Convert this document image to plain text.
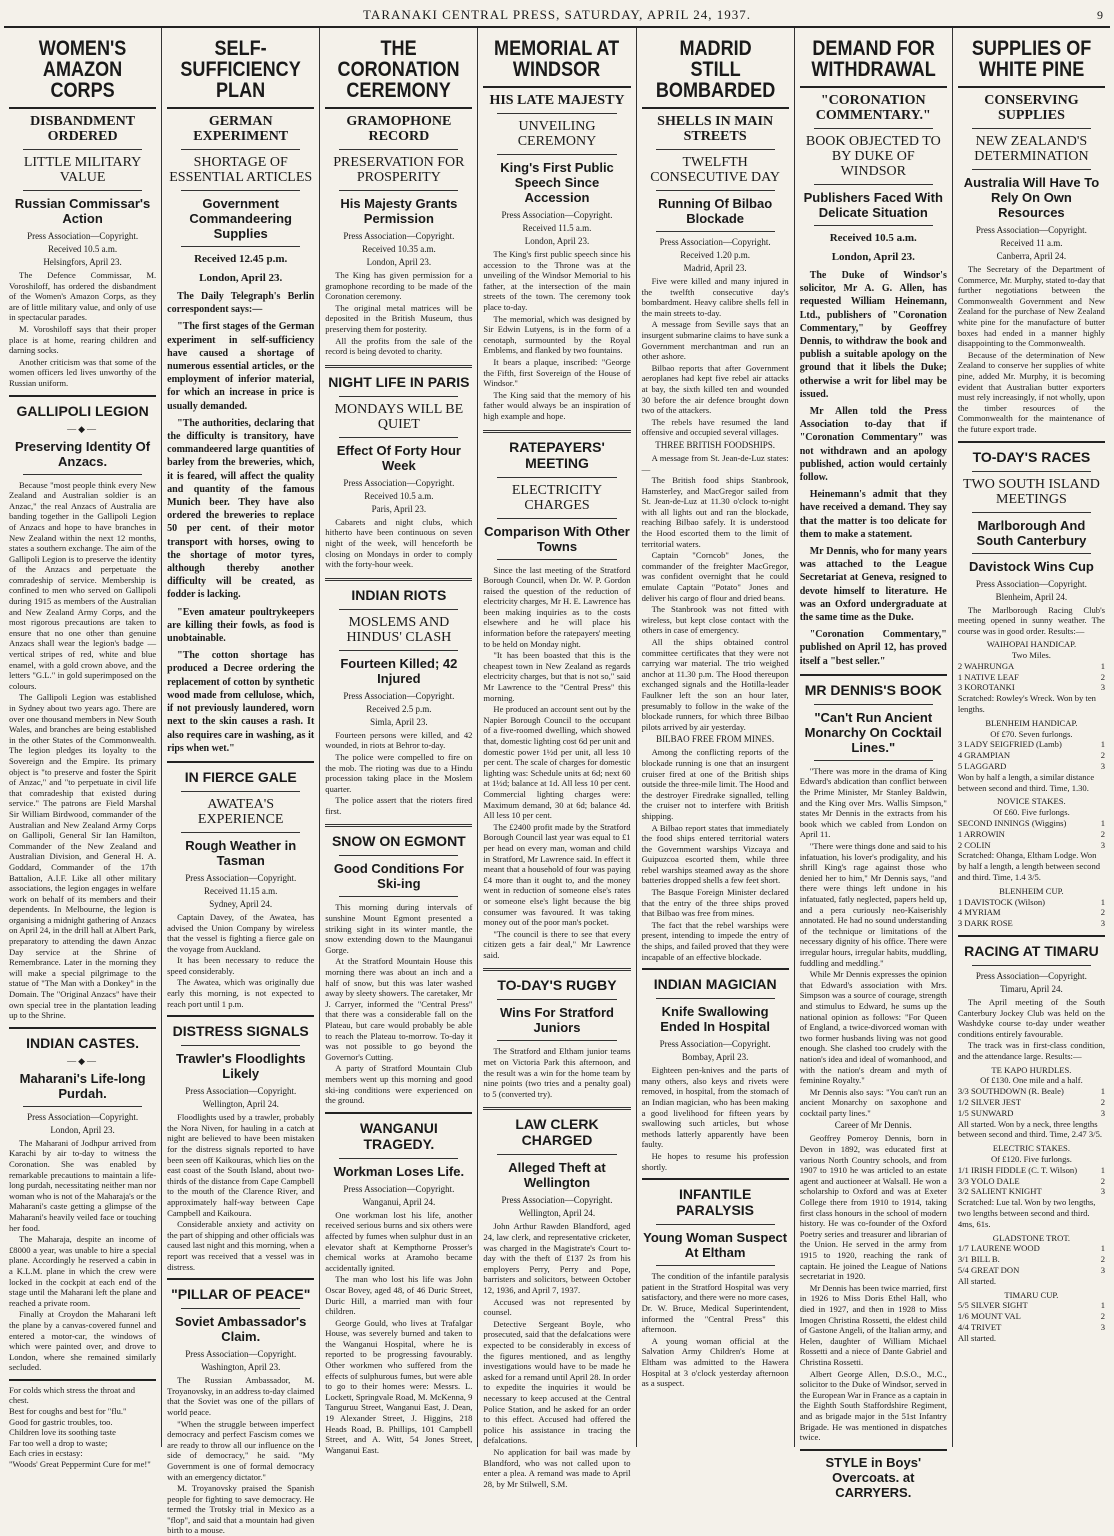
TARANAKI CENTRAL PRESS, SATURDAY, APRIL 24, 1937.	9
WOMEN'S AMAZON CORPS
DISBANDMENT ORDERED
LITTLE MILITARY VALUE
Russian Commissar's Action
Press Association—Copyright.
Received 10.5 a.m.
Helsingfors, April 23.

The Defence Commissar, M. Voroshiloff, has ordered the disbandment of the Women's Amazon Corps, as they are of little military value, and only of use in spectacular parades.

M. Voroshiloff says that their proper place is at home, rearing children and darning socks.

Another criticism was that some of the women officers led lives unworthy of the Russian uniform.

GALLIPOLI LEGION
—◆—
Preserving Identity Of Anzacs.

Because "most people think every New Zealand and Australian soldier is an Anzac," the real Anzacs of Australia are banding together in the Gallipoli Legion of Anzacs and hope to have branches in New Zealand within the next 12 months, states a southern exchange. The aim of the Gallipoli Legion is to preserve the identity of the Anzacs and perpetuate the comradeship of service. Membership is confined to men who served on Gallipoli during 1915 as members of the Australian and New Zealand Army Corps, and the most rigorous precautions are taken to ensure that no one other than genuine Anzacs shall wear the legion's badge —vertical stripes of red, white and blue enamel, with a gold crown above, and the letters "G.L." in gold superimposed on the colours.

The Gallipoli Legion was established in Sydney about two years ago. There are over one thousand members in New South Wales, and branches are being established in the other States of the Commonwealth. The legion pledges its loyalty to the Sovereign and the Empire. Its primary object is "to preserve and foster the Spirit of Anzac," and "to perpetuate in civil life that comradeship that existed during service." The patrons are Field Marshal Sir William Birdwood, commander of the Australian and New Zealand Army Corps on Gallipoli, General Sir Ian Hamilton, Commander of the New Zealand and Australian Division, and General H. A. Goddard, Commander of the 17th Battalion, A.I.F. Like all other military associations, the legion engages in welfare work on behalf of its members and their dependents. In Melbourne, the legion is organising a midnight gathering of Anzacs on April 24, in the drill hall at Albert Park, preparatory to attending the dawn Anzac Day service at the Shrine of Remembrance. Later in the morning they will make a special pilgrimage to the statue of "The Man with a Donkey" in the Domain. The "Original Anzacs" have their own special tree in the plantation leading up to the Shrine.

INDIAN CASTES.
—◆—
Maharani's Life-long Purdah.
Press Association—Copyright.
London, April 23.

The Maharani of Jodhpur arrived from Karachi by air to-day to witness the Coronation. She was enabled by remarkable precautions to maintain a life-long purdah, necessitating neither man nor woman who is not of the Maharaja's or the Maharani's caste getting a glimpse of the Maharani's heavily veiled face or touching her food.

The Maharaja, despite an income of £8000 a year, was unable to hire a special plane. Accordingly he reserved a cabin in a K.L.M. plane in which the crew were locked in the cockpit at each end of the stage until the Maharani left the plane and reached a private room.

Finally at Croydon the Maharani left the plane by a canvas-covered funnel and entered a motor-car, the windows of which were painted over, and drove to London, where she remained similarly secluded.

For colds which stress the throat and chest.
Best for coughs and best for "flu."
Good for gastric troubles, too.
Children love its soothing taste
Far too well a drop to waste;
Each cries in ecstasy:
"Woods' Great Peppermint Cure for me!"
SELF-SUFFICIENCY PLAN
GERMAN EXPERIMENT
SHORTAGE OF ESSENTIAL ARTICLES
Government Commandeering Supplies
Received 12.45 p.m.
London, April 23.

The Daily Telegraph's Berlin correspondent says:—

"The first stages of the German experiment in self-sufficiency have caused a shortage of numerous essential articles, or the employment of inferior material, for which an increase in price is usually demanded.

"The authorities, declaring that the difficulty is transitory, have commandeered large quantities of barley from the breweries, which, it is feared, will affect the quality and quantity of the famous Munich beer. They have also ordered the breweries to replace 50 per cent. of their motor transport with horses, owing to the shortage of motor tyres, although thereby another difficulty will be created, as fodder is lacking.

"Even amateur poultrykeepers are killing their fowls, as food is unobtainable.

"The cotton shortage has produced a Decree ordering the replacement of cotton by synthetic wood made from cellulose, which, if not previously laundered, worn next to the skin causes a rash. It also requires care in washing, as it rips when wet."

IN FIERCE GALE
AWATEA'S EXPERIENCE
Rough Weather in Tasman
Press Association—Copyright.
Received 11.15 a.m.
Sydney, April 24.

Captain Davey, of the Awatea, has advised the Union Company by wireless that the vessel is fighting a fierce gale on the voyage from Auckland.

It has been necessary to reduce the speed considerably.

The Awatea, which was originally due early this morning, is not expected to reach port until 1 p.m.

DISTRESS SIGNALS
Trawler's Floodlights Likely
Press Association—Copyright.
Wellington, April 24.

Floodlights used by a trawler, probably the Nora Niven, for hauling in a catch at night are believed to have been mistaken for the distress signals reported to have been seen off Kaikouras, which lies on the east coast of the South Island, about two-thirds of the distance from Cape Campbell to the mouth of the Clarence River, and approximately half-way between Cape Campbell and Kaikoura.

Considerable anxiety and activity on the part of shipping and other officials was caused last night and this morning, when a report was received that a vessel was in distress.

"PILLAR OF PEACE"
Soviet Ambassador's Claim.
Press Association—Copyright.
Washington, April 23.

The Russian Ambassador, M. Troyanovsky, in an address to-day claimed that the Soviet was one of the pillars of world peace.

"When the struggle between imperfect democracy and perfect Fascism comes we are ready to throw all our influence on the side of democracy," he said. "My Government is one of formal democracy with an emergency dictator."

M. Troyanovsky praised the Spanish people for fighting to save democracy. He termed the Trotsky trial in Mexico as a "flop", and said that a mountain had given birth to a mouse.

THE CORONATION CEREMONY
GRAMOPHONE RECORD
PRESERVATION FOR PROSPERITY
His Majesty Grants Permission
Press Association—Copyright.
Received 10.35 a.m.
London, April 23.

The King has given permission for a gramophone recording to be made of the Coronation ceremony.

The original metal matrices will be deposited in the British Museum, thus preserving them for posterity.

All the profits from the sale of the record is being devoted to charity.

NIGHT LIFE IN PARIS
MONDAYS WILL BE QUIET
Effect Of Forty Hour Week
Press Association—Copyright.
Received 10.5 a.m.
Paris, April 23.

Cabarets and night clubs, which hitherto have been continuous on seven night of the week, will henceforth be closing on Mondays in order to comply with the forty-hour week.

INDIAN RIOTS
MOSLEMS AND HINDUS' CLASH
Fourteen Killed; 42 Injured
Press Association—Copyright.
Received 2.5 p.m.
Simla, April 23.

Fourteen persons were killed, and 42 wounded, in riots at Behror to-day.

The police were compelled to fire on the mob. The rioting was due to a Hindu procession taking place in the Moslem quarter.

The police assert that the rioters fired first.

SNOW ON EGMONT
Good Conditions For Ski-ing

This morning during intervals of sunshine Mount Egmont presented a striking sight in its winter mantle, the snow extending down to the Maunganui Gorge.

At the Stratford Mountain House this morning there was about an inch and a half of snow, but this was later washed away by sleety showers. The caretaker, Mr J. Carryer, informed the "Central Press" that there was a considerable fall on the Plateau, but care would probably be able to reach the Plateau to-morrow. To-day it was not possible to go beyond the Governor's Cutting.

A party of Stratford Mountain Club members went up this morning and good ski-ing conditions were experienced on the ground.

WANGANUI TRAGEDY.
Workman Loses Life.
Press Association—Copyright.
Wanganui, April 24.

One workman lost his life, another received serious burns and six others were affected by fumes when sulphur dust in an elevator shaft at Kempthorne Prosser's chemical works at Aramoho became accidentally ignited.

The man who lost his life was John Oscar Bovey, aged 48, of 46 Duric Street, Duric Hill, a married man with four children.

George Gould, who lives at Trafalgar House, was severely burned and taken to the Wanganui Hospital, where he is reported to be progressing favourably. Other workmen who suffered from the effects of sulphurous fumes, but were able to go to their homes were: Messrs. L. Lockett, Springvale Road, M. McKenna, 9 Tanguruu Street, Wanganui East, J. Dean, 19 Alexander Street, J. Higgins, 218 Heads Road, B. Phillips, 101 Campbell Street, and A. Witt, 54 Jones Street, Wanganui East.

MEMORIAL AT WINDSOR
HIS LATE MAJESTY
UNVEILING CEREMONY
King's First Public Speech Since Accession
Press Association—Copyright.
Received 11.5 a.m.
London, April 23.

The King's first public speech since his accession to the Throne was at the unveiling of the Windsor Memorial to his father, at the intersection of the main streets of the town. The ceremony took place to-day.

The memorial, which was designed by Sir Edwin Lutyens, is in the form of a cenotaph, surmounted by the Royal Emblems, and flanked by two fountains.

It bears a plaque, inscribed: "George the Fifth, first Sovereign of the House of Windsor."

The King said that the memory of his father would always be an inspiration of high example and hope.

RATEPAYERS' MEETING
ELECTRICITY CHARGES
Comparison With Other Towns

Since the last meeting of the Stratford Borough Council, when Dr. W. P. Gordon raised the question of the reduction of electricity charges, Mr H. E. Lawrence has been making inquiries as to the costs elsewhere and he will place his information before the ratepayers' meeting to be held on Monday night.

"It has been boasted that this is the cheapest town in New Zealand as regards electricity charges, but that is not so," said Mr Lawrence to the "Central Press" this morning.

He produced an account sent out by the Napier Borough Council to the occupant of a five-roomed dwelling, which showed that, domestic lighting cost 6d per unit and domestic power 1½d per unit, all less 10 per cent. The scale of charges for domestic lighting was: Schedule units at 6d; next 60 at 1½d; balance at 1d. All less 10 per cent. Commercial lighting charges were: Maximum demand, 30 at 6d; balance 4d. All less 10 per cent.

The £2400 profit made by the Stratford Borough Council last year was equal to £1 per head on every man, woman and child in Stratford, Mr Lawrence said. In effect it meant that a household of four was paying £4 more than it ought to, and the money went in reduction of someone else's rates or someone else's light because the big consumer was favoured. It was taking money out of the poor man's pocket.

"The council is there to see that every citizen gets a fair deal," Mr Lawrence said.

TO-DAY'S RUGBY
Wins For Stratford Juniors

The Stratford and Eltham junior teams met on Victoria Park this afternoon, and the result was a win for the home team by nine points (two tries and a penalty goal) to 5 (converted try).

LAW CLERK CHARGED
Alleged Theft at Wellington
Press Association—Copyright.
Wellington, April 24.

John Arthur Rawden Blandford, aged 24, law clerk, and representative cricketer, was charged in the Magistrate's Court to-day with the theft of £137 2s from his employers Perry, Perry and Pope, barristers and solicitors, between October 12, 1936, and April 7, 1937.

Accused was not represented by counsel.

Detective Sergeant Boyle, who prosecuted, said that the defalcations were expected to be considerably in excess of the figures mentioned, and as lengthy investigations would have to be made he asked for a remand until April 28. In order to expedite the inquiries it would be necessary to keep accused at the Central Police Station, and he asked for an order to this effect. Accused had offered the police his assistance in tracing the defalcations.

No application for bail was made by Blandford, who was not called upon to enter a plea. A remand was made to April 28, by Mr Stilwell, S.M.

MADRID STILL BOMBARDED
SHELLS IN MAIN STREETS
TWELFTH CONSECUTIVE DAY
Running Of Bilbao Blockade
Press Association—Copyright.
Received 1.20 p.m.
Madrid, April 23.

Five were killed and many injured in the twelfth consecutive day's bombardment. Heavy calibre shells fell in the main streets to-day.

A message from Seville says that an insurgent submarine claims to have sunk a Government merchantman and run an other ashore.

Bilbao reports that after Government aeroplanes had kept five rebel air attacks at bay, the sixth killed ten and wounded 30 before the air defence brought down two of the attackers.

The rebels have resumed the land offensive and occupied several villages.

THREE BRITISH FOODSHIPS.

A message from St. Jean-de-Luz states:—

The British food ships Stanbrook, Hamsterley, and MacGregor sailed from St. Jean-de-Luz at 11.30 o'clock to-night with all lights out and ran the blockade, reaching Bilbao safely. It is understood the Hood escorted them to the limit of territorial waters.

Captain "Corncob" Jones, the commander of the freighter MacGregor, was confident overnight that he could emulate Captain "Potato" Jones and deliver his cargo of flour and dried beans.

The Stanbrook was not fitted with wireless, but kept close contact with the others in case of emergency.

All the ships obtained control committee certificates that they were not carrying war material. The trio weighed anchor at 11.30 p.m. The Hood thereupon exchanged signals and the Hotilla-leader Faulkner left the son an hour later, presumably to follow in the wake of the blockade runners, for which three Bilbao pilots arrived by air yesterday.

BILBAO FREE FROM MINES.

Among the conflicting reports of the blockade running is one that an insurgent cruiser fired at one of the British ships outside the three-mile limit. The Hood and the destroyer Firedrake signalled, telling the cruiser not to interfere with British shipping.

A Bilbao report states that immediately the food ships entered territorial waters the Government warships Vizcaya and Guipuzcoa escorted them, while three rebel warships steamed away as the shore batteries dropped shells a few feet short.

The Basque Foreign Minister declared that the entry of the three ships proved that Bilbao was free from mines.

The fact that the rebel warships were present, intending to impede the entry of the ships, and failed proved that they were incapable of an effective blockade.

INDIAN MAGICIAN
Knife Swallowing Ended In Hospital
Press Association—Copyright.
Bombay, April 23.

Eighteen pen-knives and the parts of many others, also keys and rivets were removed, in hospital, from the stomach of an Indian magician, who has been making a good livelihood for fifteen years by swallowing such articles, but whose methods latterly apparently have been faulty.

He hopes to resume his profession shortly.

INFANTILE PARALYSIS
Young Woman Suspect At Eltham

The condition of the infantile paralysis patient in the Stratford Hospital was very satisfactory, and there were no more cases, Dr. W. Bruce, Medical Superintendent, informed the "Central Press" this afternoon.

A young woman official at the Salvation Army Children's Home at Eltham was admitted to the Hawera Hospital at 3 o'clock yesterday afternoon as a suspect.

DEMAND FOR WITHDRAWAL
"CORONATION COMMENTARY."
BOOK OBJECTED TO BY DUKE OF WINDSOR
Publishers Faced With Delicate Situation
Received 10.5 a.m.
London, April 23.

The Duke of Windsor's solicitor, Mr A. G. Allen, has requested William Heinemann, Ltd., publishers of "Coronation Commentary," by Geoffrey Dennis, to withdraw the book and publish a suitable apology on the ground that it libels the Duke; otherwise a writ for libel may be issued.

Mr Allen told the Press Association to-day that if "Coronation Commentary" was not withdrawn and an apology published, action would certainly follow.

Heinemann's admit that they have received a demand. They say that the matter is too delicate for them to make a statement.

Mr Dennis, who for many years was attached to the League Secretariat at Geneva, resigned to devote himself to literature. He was an Oxford undergraduate at the same time as the Duke.

"Coronation Commentary," published on April 12, has proved itself a "best seller."

MR DENNIS'S BOOK
"Can't Run Ancient Monarchy On Cocktail Lines."

"There was more in the drama of King Edward's abdication than conflict between the Prime Minister, Mr Stanley Baldwin, and the King over Mrs. Wallis Simpson," states Mr Dennis in the extracts from his book which we cabled from London on April 11.

"There were things done and said to his infatuation, his lover's prodigality, and his shrill King's rage against those who denied her to him," Mr Dennis says, "and there were things left undone in his infatuated, fatly neglected, papers held up, and a pera curiously neo-Kaiserishly annotated. He had no sound understanding of the technique or limitations of the necessary dignity of his office. There were irregular hours, irregular habits, muddling, fuddling and meddling."

While Mr Dennis expresses the opinion that Edward's association with Mrs. Simpson was a source of courage, strength and stimulus to Edward, he sums up the national opinion as follows: "For Queen of England, a twice-divorced woman with two former husbands living was not good enough. She clashed too crudely with the nation's idea and ideal of womanhood, and with the nation's dream and myth of feminine Royalty."

Mr Dennis also says: "You can't run an ancient Monarchy on saxophone and cocktail party lines."

Career of Mr Dennis.

Geoffrey Pomeroy Dennis, born in Devon in 1892, was educated first at various North Country schools, and from 1907 to 1910 he was articled to an estate agent and auctioneer at Walsall. He won a scholarship to Oxford and was at Exeter College there from 1910 to 1914, taking first class honours in the school of modern history. He was co-founder of the Oxford Poetry series and treasurer and librarian of the Union. He served in the army from 1915 to 1920, reaching the rank of captain. He joined the League of Nations secretariat in 1920.

Mr Dennis has been twice married, first in 1926 to Miss Doris Ethel Hall, who died in 1927, and then in 1928 to Miss Imogen Christina Rossetti, the eldest child of Gastone Angeli, of the Italian army, and Helen, daughter of William Michael Rossetti and a niece of Dante Gabriel and Christina Rossetti.

Albert George Allen, D.S.O., M.C., solicitor to the Duke of Windsor, served in the European War in France as a captain in the Eighth South Staffordshire Regiment, and as brigade major in the 51st Infantry Brigade. He was mentioned in dispatches twice.

STYLE in Boys' Overcoats. at CARRYERS.
SUPPLIES OF WHITE PINE
CONSERVING SUPPLIES
NEW ZEALAND'S DETERMINATION
Australia Will Have To Rely On Own Resources
Press Association—Copyright.
Received 11 a.m.
Canberra, April 24.

The Secretary of the Department of Commerce, Mr. Murphy, stated to-day that further negotiations between the Commonwealth Government and New Zealand for the purchase of New Zealand white pine for the manufacture of butter boxes had ended in a manner highly disappointing to the Commonwealth.

Because of the determination of New Zealand to conserve her supplies of white pine, added Mr. Murphy, it is becoming evident that Australian butter exporters must rely increasingly, if not wholly, upon the timber resources of the Commonwealth for the maintenance of the future export trade.

TO-DAY'S RACES
TWO SOUTH ISLAND MEETINGS
Marlborough And South Canterbury
Davistock Wins Cup
Press Association—Copyright.
Blenheim, April 24.

The Marlborough Racing Club's meeting opened in sunny weather. The course was in good order. Results:—

WAIHOPAI HANDICAP.
Two Miles.
2 WAHRUNGA	1
1 NATIVE LEAF	2
3 KOROTANKI	3
Scratched: Rowley's Wreck. Won by ten lengths.
BLENHEIM HANDICAP.
Of £70. Seven furlongs.
3 LADY SEIGFRIED (Lamb)	1
4 GRAMPIAN	2
5 LAGGARD	3
Won by half a length, a similar distance between second and third. Time, 1.30.
NOVICE STAKES.
Of £60. Five furlongs.
SECOND INNINGS (Wiggins)	1
1 ARROWIN	2
2 COLIN	3
Scratched: Ohanga, Eltham Lodge. Won by half a length, a length between second and third. Time, 1.4 3/5.
BLENHEIM CUP.
1 DAVISTOCK (Wilson)	1
4 MYRIAM	2
3 DARK ROSE	3
RACING AT TIMARU
Press Association—Copyright.
Timaru, April 24.

The April meeting of the South Canterbury Jockey Club was held on the Washdyke course to-day under weather conditions entirely favourable.

The track was in first-class condition, and the attendance large. Results:—

TE KAPO HURDLES.
Of £130. One mile and a half.
3/3 SOUTHDOWN (R. Beale)	1
1/2 SILVER JEST	2
1/5 SUNWARD	3
All started. Won by a neck, three lengths between second and third. Time, 2.47 3/5.
ELECTRIC STAKES.
Of £120. Five furlongs.
1/1 IRISH FIDDLE (C. T. Wilson)	1
3/3 YOLO DALE	2
3/2 SALIENT KNIGHT	3
Scratched: Lue tal. Won by two lengths, two lengths between second and third. 4ms, 61s.
GLADSTONE TROT.
1/7 LAURENE WOOD	1
3/1 BILL B.	2
5/4 GREAT DON	3
All started.
TIMARU CUP.
5/5 SILVER SIGHT	1
1/6 MOUNT VAL	2
4/4 TRIVET	3
All started.
